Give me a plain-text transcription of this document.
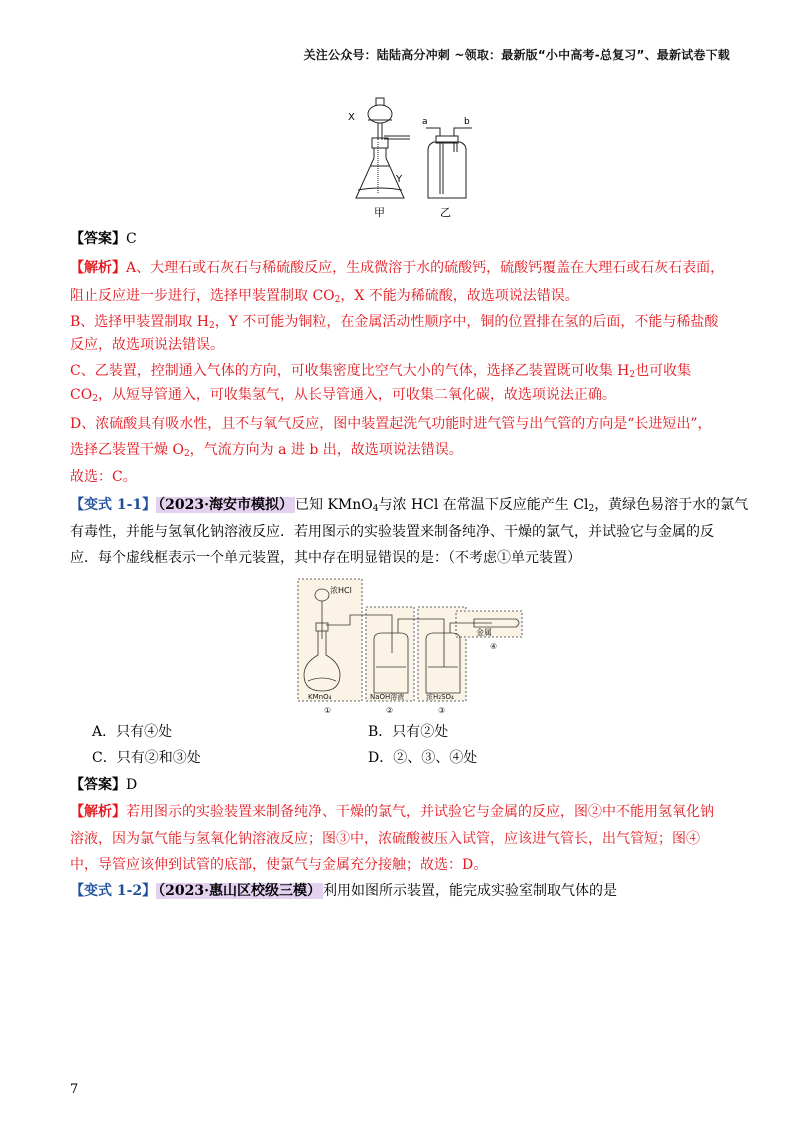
关注公众号：陆陆高分冲刺 ~领取：最新版“小中高考-总复习”、最新试卷下载
X
Y
a	b
甲	乙
【答案】C
【解析】A、大理石或石灰石与稀硫酸反应，生成微溶于水的硫酸钙，硫酸钙覆盖在大理石或石灰石表面，
阻止反应进一步进行，选择甲装置制取 $CO_2$，X 不能为稀硫酸，故选项说法错误。
B、选择甲装置制取 $H_2$，Y 不可能为铜粒，在金属活动性顺序中，铜的位置排在氢的后面，不能与稀盐酸
反应，故选项说法错误。
C、乙装置，控制通入气体的方向，可收集密度比空气大小的气体，选择乙装置既可收集 $H_2$也可收集
$CO_2$，从短导管通入，可收集氢气，从长导管通入，可收集二氧化碳，故选项说法正确。
D、浓硫酸具有吸水性，且不与氧气反应，图中装置起洗气功能时进气管与出气管的方向是“长进短出”，
选择乙装置干燥 $O_2$，气流方向为 a 进 b 出，故选项说法错误。
故选：C。
【变式 1-1】 （2023·海安市模拟） 已知 KMnO$_4$与浓 HCl 在常温下反应能产生 $Cl_2$，黄绿色易溶于水的氯气
有毒性，并能与氢氧化钠溶液反应．若用图示的实验装置来制备纯净、干燥的氯气，并试验它与金属的反
应．每个虚线框表示一个单元装置，其中存在明显错误的是：（不考虑①单元装置）
浓HCl
金属
KMnO₄	NaOH溶液	浓H₂SO₄
①	②	③
④
A．只有④处	B．只有②处
C．只有②和③处	D．②、③、④处
【答案】D
【解析】若用图示的实验装置来制备纯净、干燥的氯气，并试验它与金属的反应，图②中不能用氢氧化钠
溶液，因为氯气能与氢氧化钠溶液反应；图③中，浓硫酸被压入试管，应该进气管长，出气管短；图④
中，导管应该伸到试管的底部，使氯气与金属充分接触；故选：D。
【变式 1-2】 （2023·惠山区校级三模） 利用如图所示装置，能完成实验室制取气体的是
7
